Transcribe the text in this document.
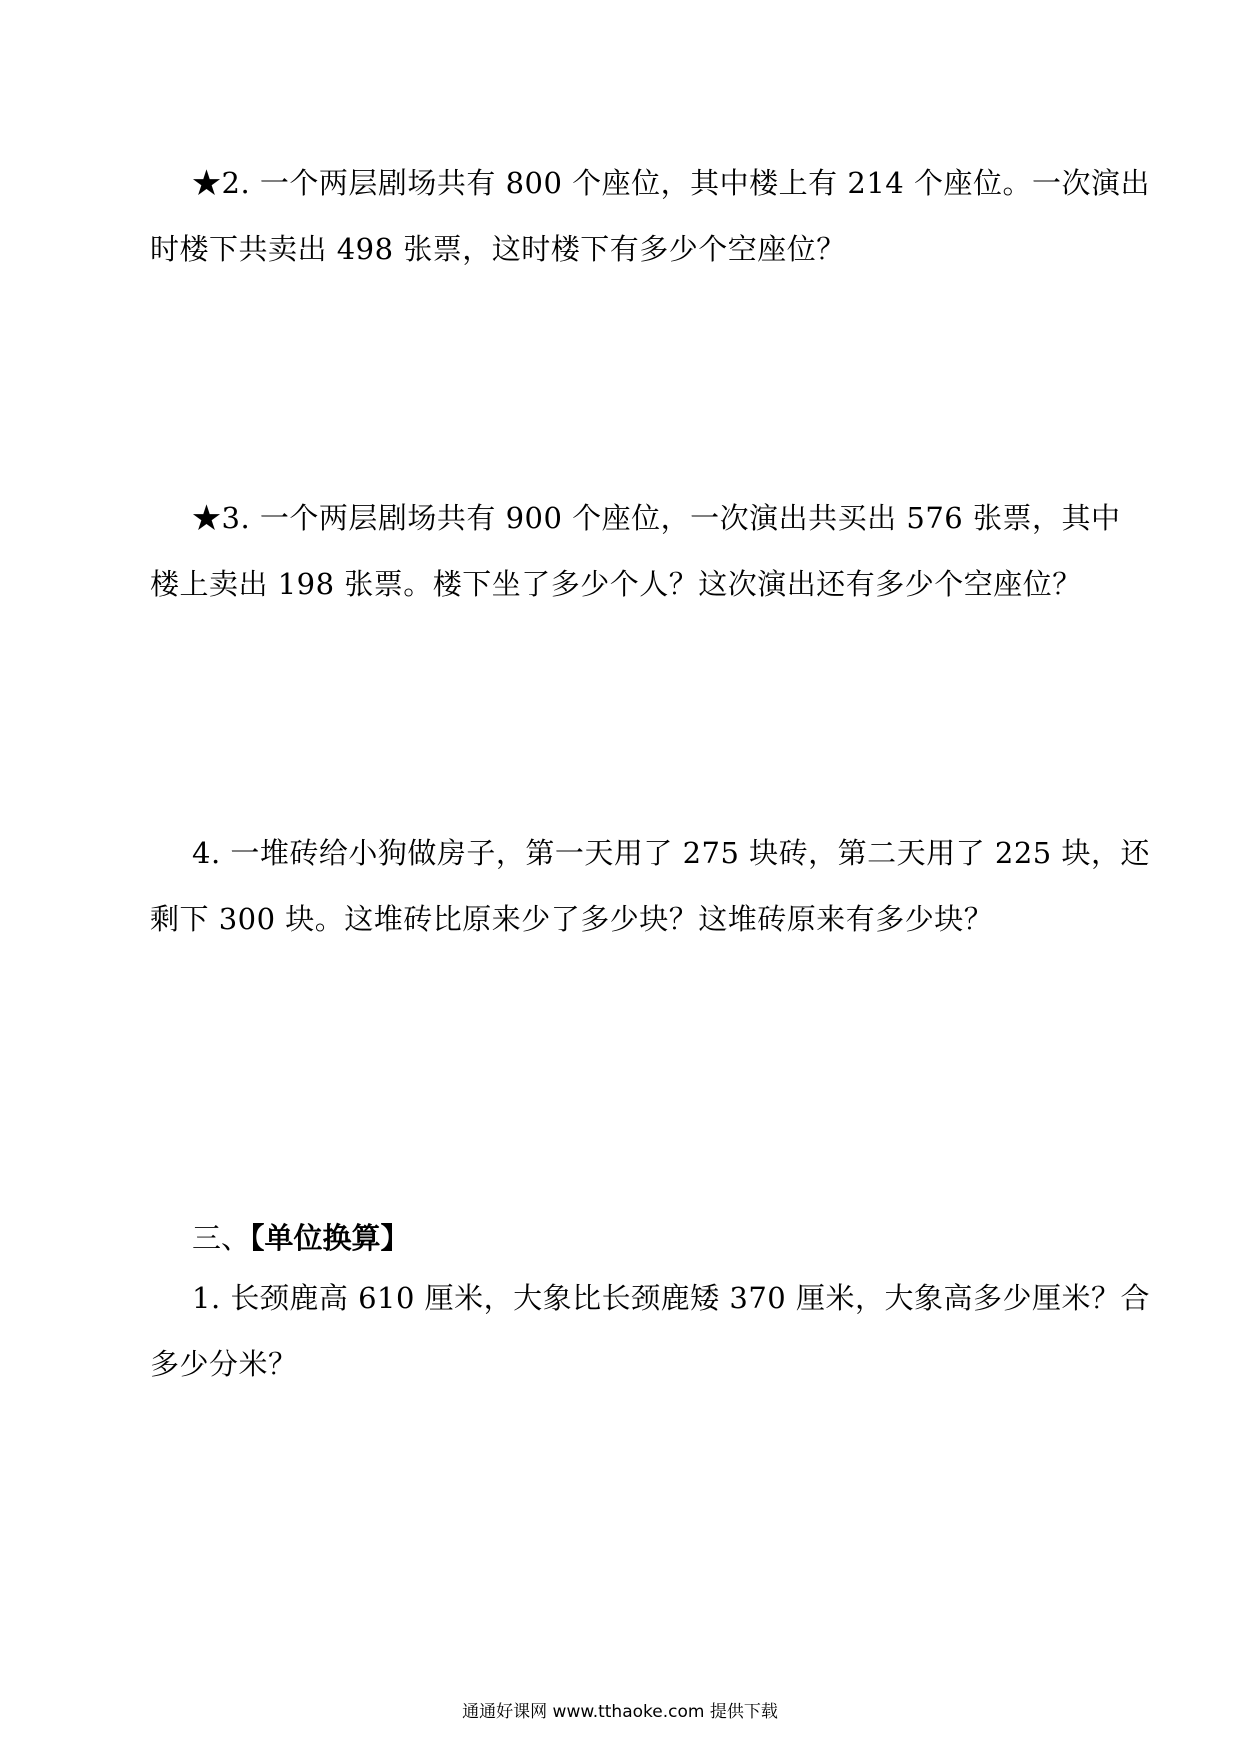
★2. 一个两层剧场共有 800 个座位，其中楼上有 214 个座位。一次演出
时楼下共卖出 498 张票，这时楼下有多少个空座位？
★3. 一个两层剧场共有 900 个座位，一次演出共买出 576 张票，其中
楼上卖出 198 张票。楼下坐了多少个人？这次演出还有多少个空座位？
4. 一堆砖给小狗做房子，第一天用了 275 块砖，第二天用了 225 块，还
剩下 300 块。这堆砖比原来少了多少块？这堆砖原来有多少块？
三、【单位换算】
1. 长颈鹿高 610 厘米，大象比长颈鹿矮 370 厘米，大象高多少厘米？合
多少分米？
通通好课网 www.tthaoke.com 提供下载
